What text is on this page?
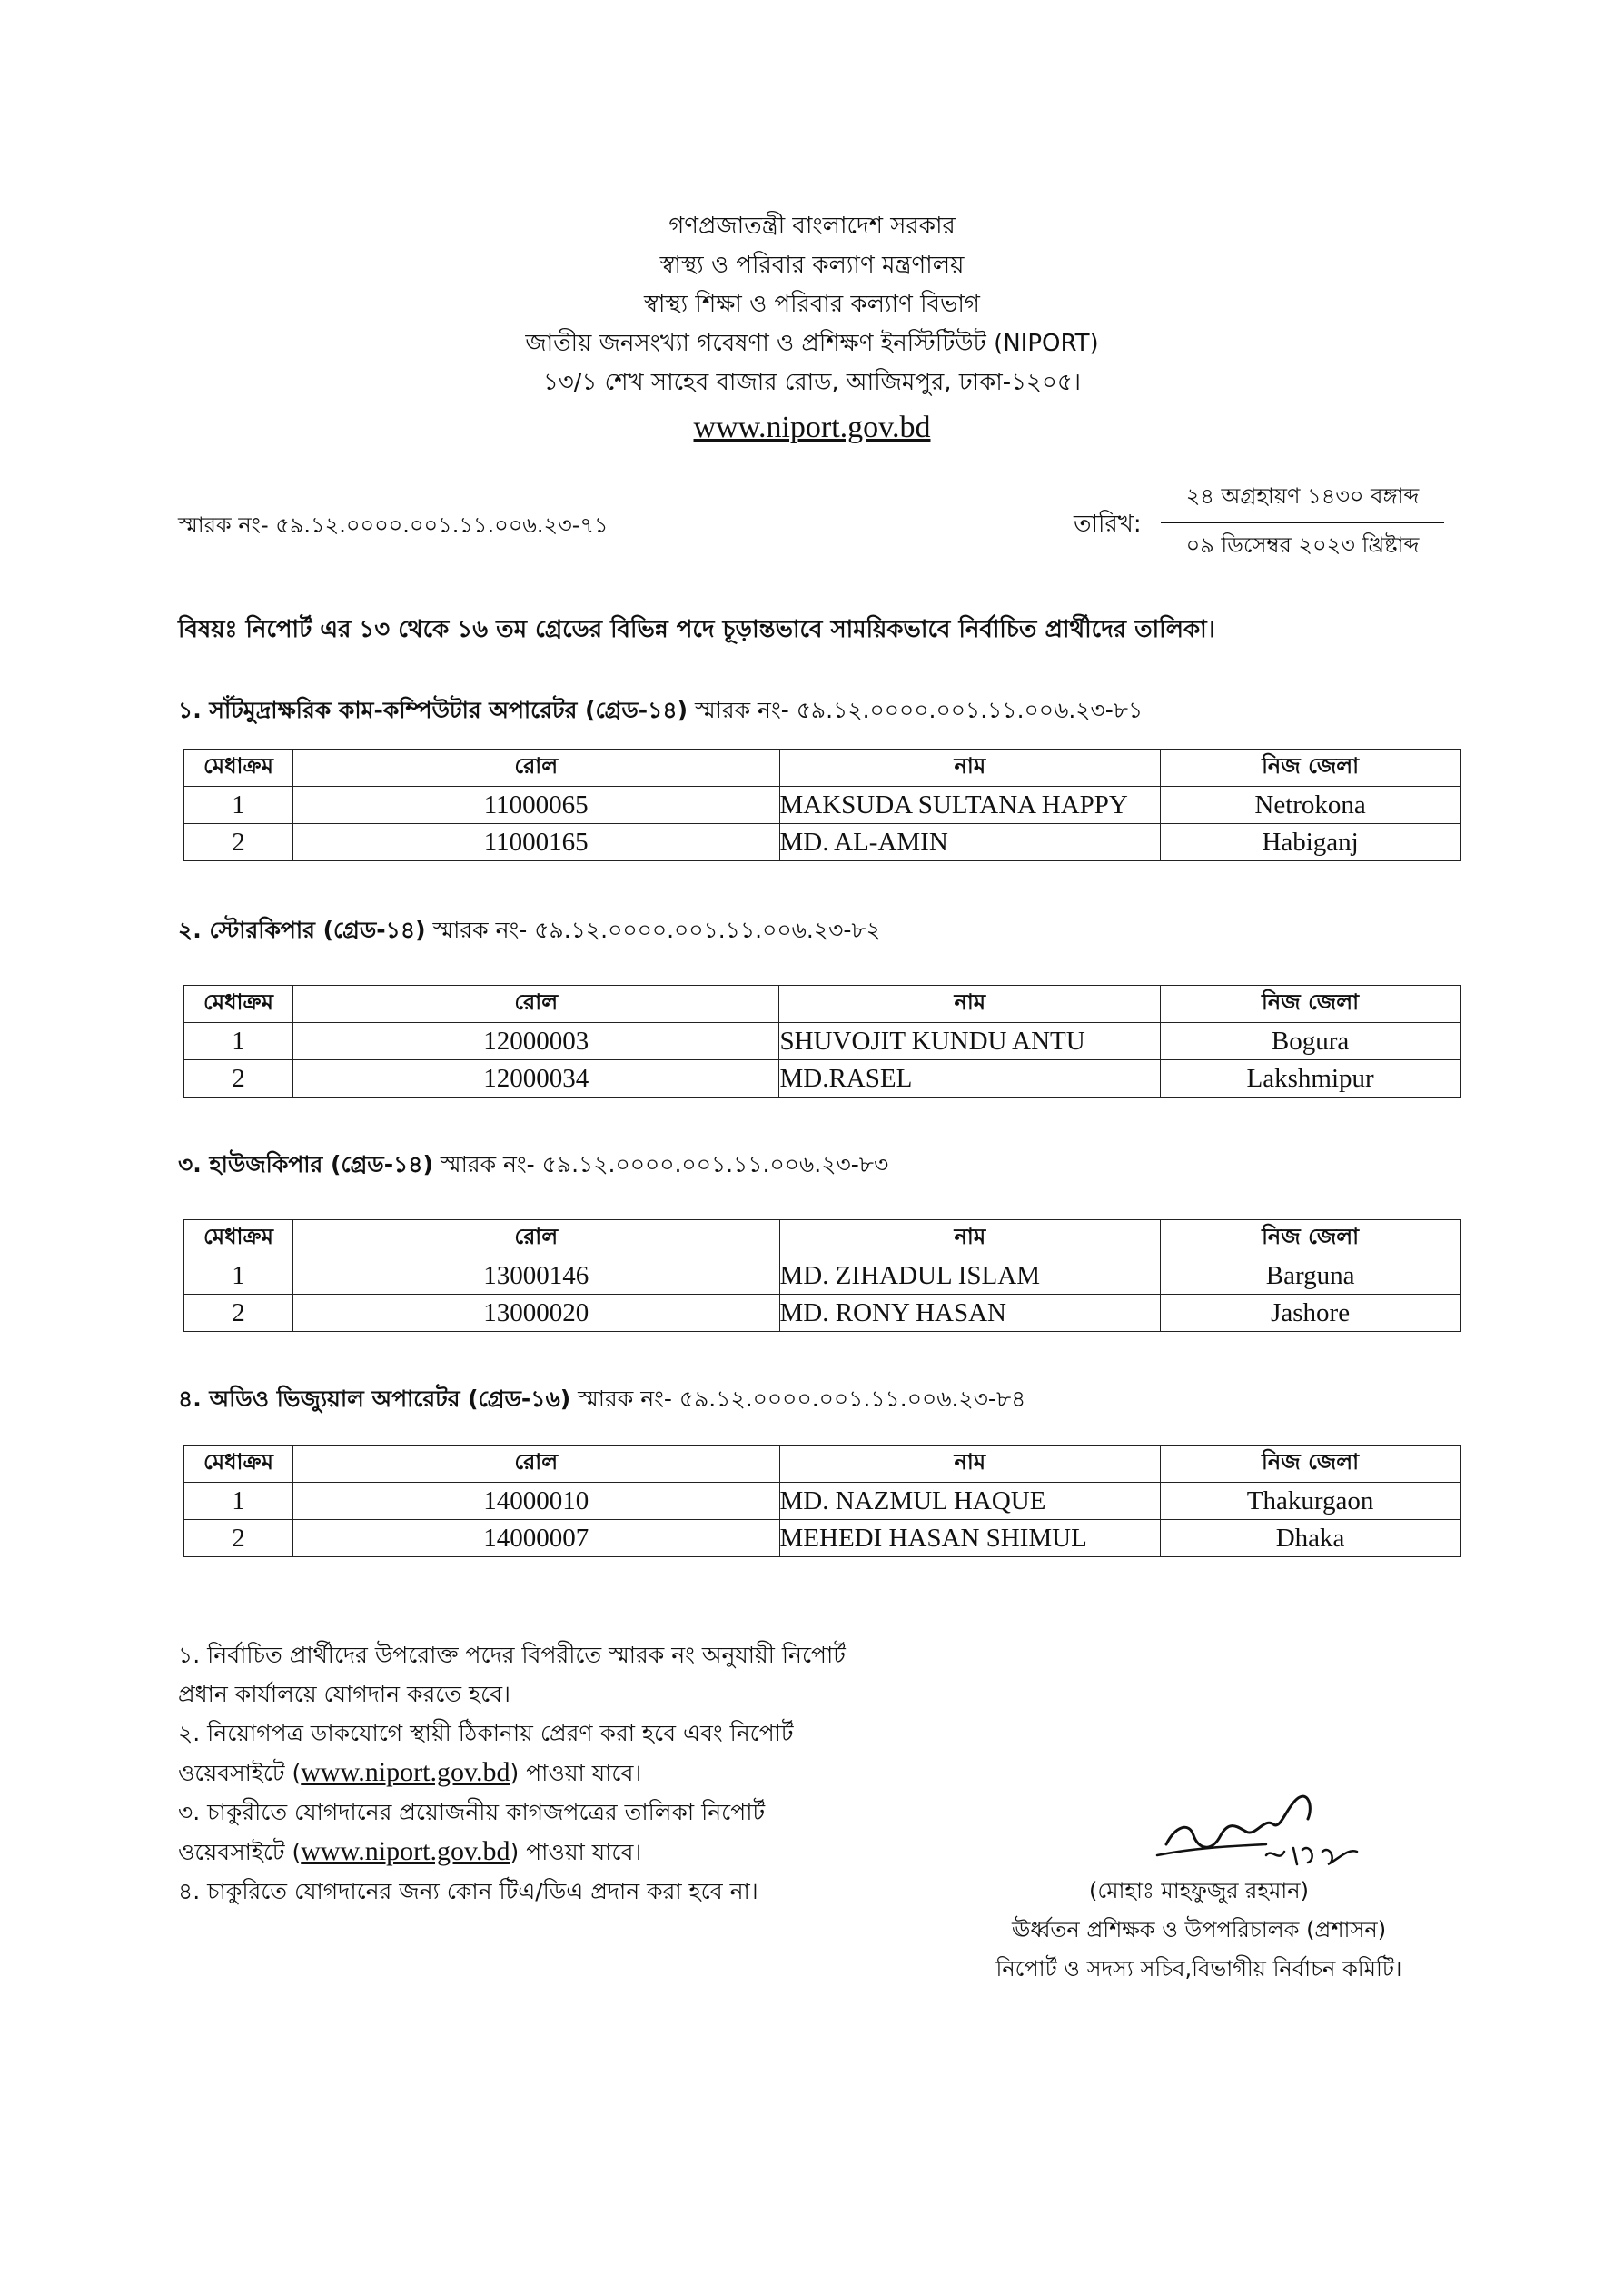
গণপ্রজাতন্ত্রী বাংলাদেশ সরকার
স্বাস্থ্য ও পরিবার কল্যাণ মন্ত্রণালয়
স্বাস্থ্য শিক্ষা ও পরিবার কল্যাণ বিভাগ
জাতীয় জনসংখ্যা গবেষণা ও প্রশিক্ষণ ইনস্টিটিউট (NIPORT)
১৩/১ শেখ সাহেব বাজার রোড, আজিমপুর, ঢাকা-১২০৫।
www.niport.gov.bd
স্মারক নং- ৫৯.১২.০০০০.০০১.১১.০০৬.২৩-৭১	তারিখ:
২৪ অগ্রহায়ণ ১৪৩০ বঙ্গাব্দ
০৯ ডিসেম্বর ২০২৩ খ্রিষ্টাব্দ
বিষয়ঃ নিপোর্ট এর ১৩ থেকে ১৬ তম গ্রেডের বিভিন্ন পদে চূড়ান্তভাবে সাময়িকভাবে নির্বাচিত প্রার্থীদের তালিকা।
১. সাঁটমুদ্রাক্ষরিক কাম-কম্পিউটার অপারেটর (গ্রেড-১৪) স্মারক নং- ৫৯.১২.০০০০.০০১.১১.০০৬.২৩-৮১
মেধাক্রম	রোল	নাম	নিজ জেলা
1	11000065	MAKSUDA SULTANA HAPPY	Netrokona
2	11000165	MD. AL-AMIN	Habiganj
২. স্টোরকিপার (গ্রেড-১৪) স্মারক নং- ৫৯.১২.০০০০.০০১.১১.০০৬.২৩-৮২
মেধাক্রম	রোল	নাম	নিজ জেলা
1	12000003	SHUVOJIT KUNDU ANTU	Bogura
2	12000034	MD.RASEL	Lakshmipur
৩. হাউজকিপার (গ্রেড-১৪) স্মারক নং- ৫৯.১২.০০০০.০০১.১১.০০৬.২৩-৮৩
মেধাক্রম	রোল	নাম	নিজ জেলা
1	13000146	MD. ZIHADUL ISLAM	Barguna
2	13000020	MD. RONY HASAN	Jashore
৪. অডিও ভিজ্যুয়াল অপারেটর (গ্রেড-১৬) স্মারক নং- ৫৯.১২.০০০০.০০১.১১.০০৬.২৩-৮৪
মেধাক্রম	রোল	নাম	নিজ জেলা
1	14000010	MD. NAZMUL HAQUE	Thakurgaon
2	14000007	MEHEDI HASAN SHIMUL	Dhaka
১. নির্বাচিত প্রার্থীদের উপরোক্ত পদের বিপরীতে স্মারক নং অনুযায়ী নিপোর্ট
প্রধান কার্যালয়ে যোগদান করতে হবে।
২. নিয়োগপত্র ডাকযোগে স্থায়ী ঠিকানায় প্রেরণ করা হবে এবং নিপোর্ট
ওয়েবসাইটে (www.niport.gov.bd) পাওয়া যাবে।
৩. চাকুরীতে যোগদানের প্রয়োজনীয় কাগজপত্রের তালিকা নিপোর্ট
ওয়েবসাইটে (www.niport.gov.bd) পাওয়া যাবে।
৪. চাকুরিতে যোগদানের জন্য কোন টিএ/ডিএ প্রদান করা হবে না।	(মোহাঃ মাহফুজুর রহমান)
ঊর্ধ্বতন প্রশিক্ষক ও উপপরিচালক (প্রশাসন)
নিপোর্ট ও সদস্য সচিব,বিভাগীয় নির্বাচন কমিটি।
